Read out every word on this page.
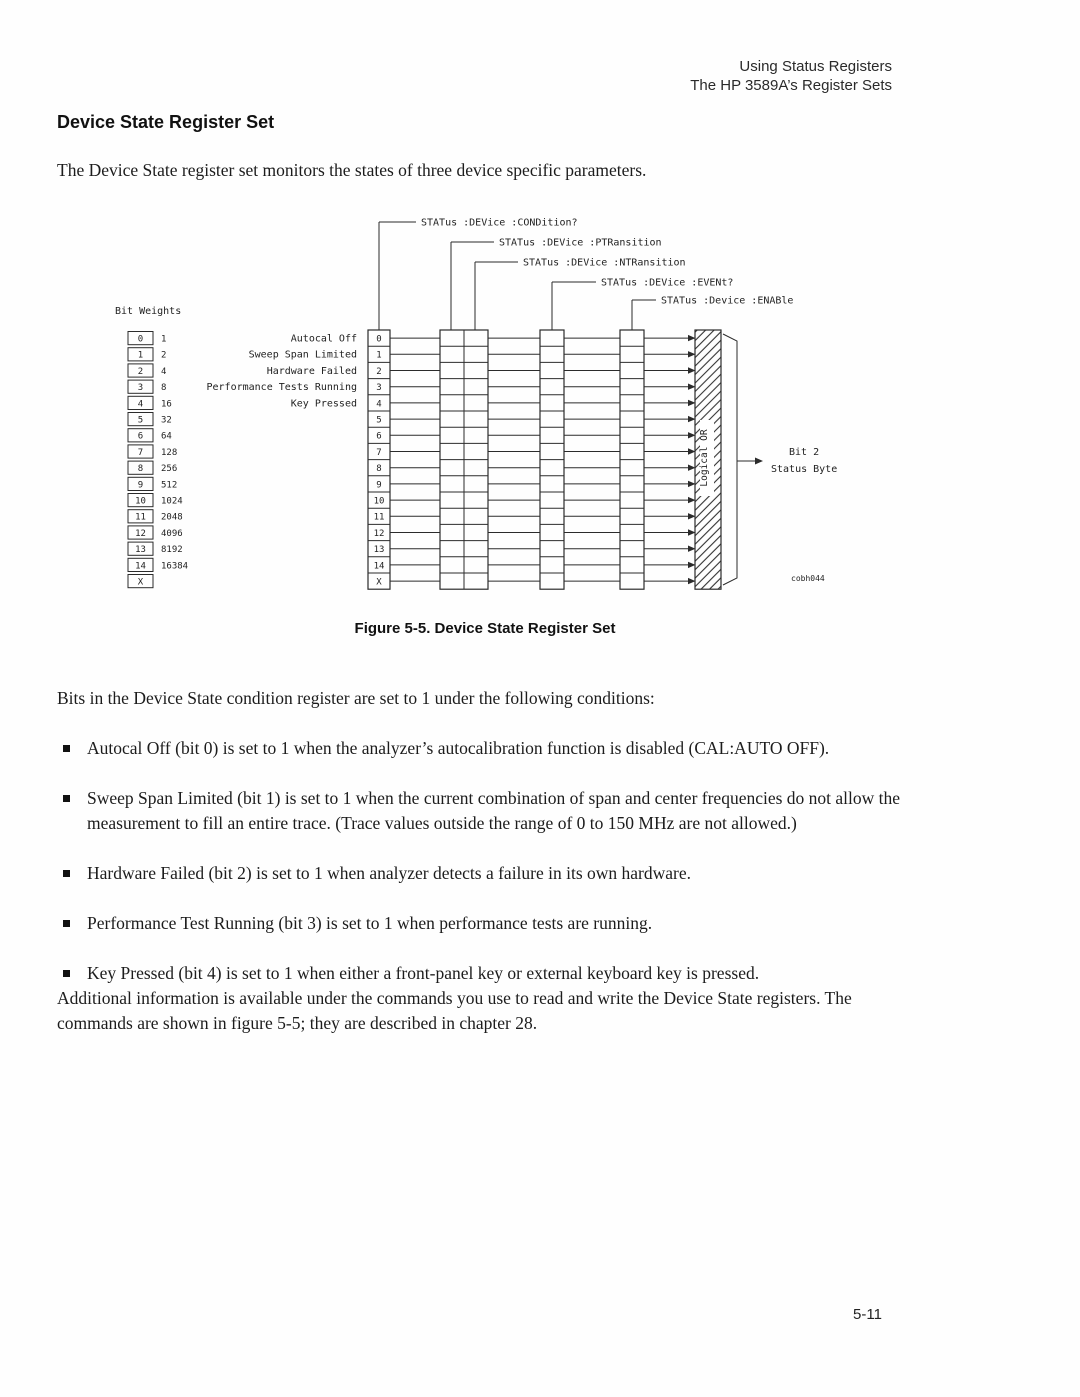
Using Status Registers
The HP 3589A’s Register Sets
Device State Register Set

The Device State register set monitors the states of three device specific parameters.

Bit Weights
STATus :DEVice :CONDition?
STATus :DEVice :PTRansition
STATus :DEVice :NTRansition
STATus :DEVice :EVENt?
STATus :Device :ENABle
0 1	Autocal Off 0
1 2	Sweep Span Limited 1
2 4	Hardware Failed 2
3 8	Performance Tests Running 3
4 16	Key Pressed 4
5 32	5
6 64	6
7 128	7
8 256	8
9 512	9
10 1024	10
11 2048	11
12 4096	12
13 8192	13
14 16384	14
X	X
Logical OR	Bit 2
Status Byte
cobh044
Figure 5-5. Device State Register Set

Bits in the Device State condition register are set to 1 under the following conditions:

Autocal Off (bit 0) is set to 1 when the analyzer’s autocalibration function is disabled (CAL:AUTO OFF).
Sweep Span Limited (bit 1) is set to 1 when the current combination of span and center frequencies do not allow the measurement to fill an entire trace. (Trace values outside the range of 0 to 150 MHz are not allowed.)
Hardware Failed (bit 2) is set to 1 when analyzer detects a failure in its own hardware.
Performance Test Running (bit 3) is set to 1 when performance tests are running.
Key Pressed (bit 4) is set to 1 when either a front-panel key or external keyboard key is pressed.

Additional information is available under the commands you use to read and write the Device State registers. The commands are shown in figure 5-5; they are described in chapter 28.

5-11
